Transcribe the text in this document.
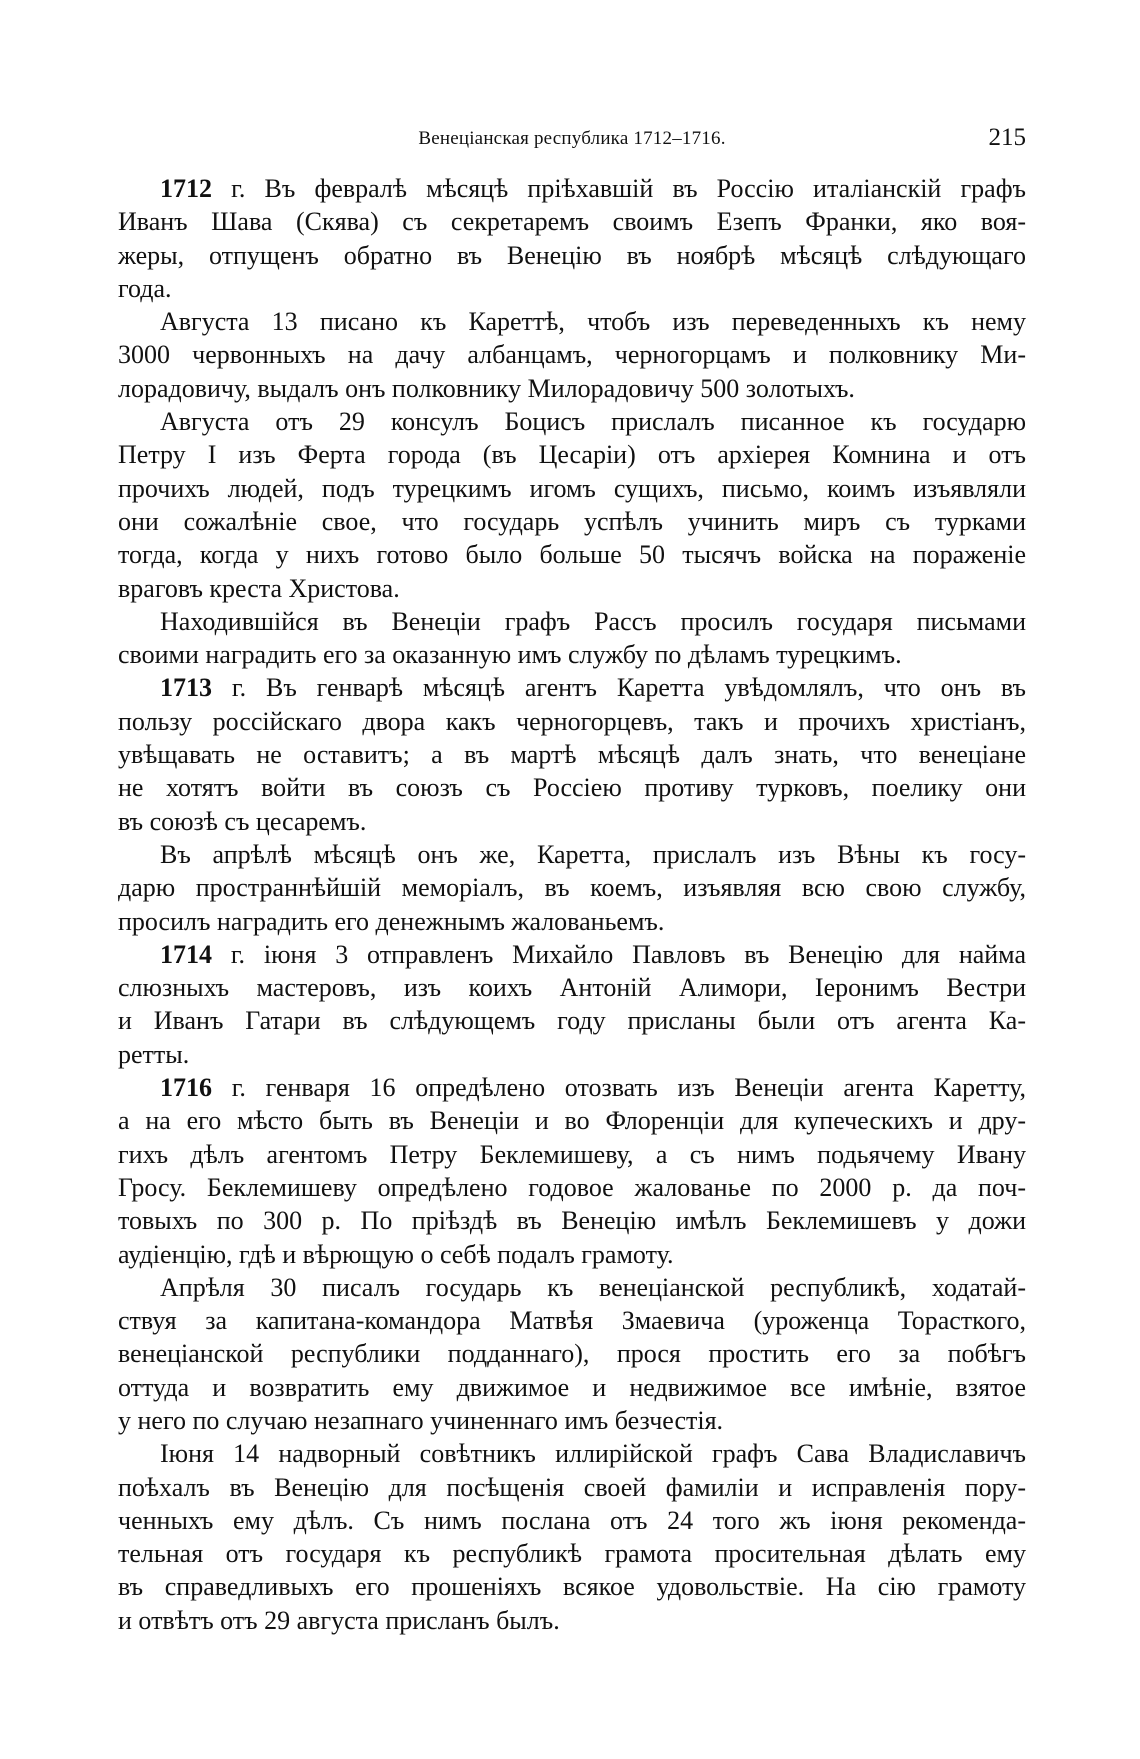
Венеціанская республика 1712–1716.	215
1712 г. Въ февралѣ мѣсяцѣ пріѣхавшій въ Россію италіанскій графъ
Иванъ Шава (Скява) съ секретаремъ своимъ Езепъ Франки, яко воя-
жеры, отпущенъ обратно въ Венецію въ ноябрѣ мѣсяцѣ слѣдующаго
года.
Августа 13 писано къ Кареттѣ, чтобъ изъ переведенныхъ къ нему
3000 червонныхъ на дачу албанцамъ, черногорцамъ и полковнику Ми-
лорадовичу, выдалъ онъ полковнику Милорадовичу 500 золотыхъ.
Августа отъ 29 консулъ Боцисъ прислалъ писанное къ государю
Петру I изъ Ферта города (въ Цесаріи) отъ архіерея Комнина и отъ
прочихъ людей, подъ турецкимъ игомъ сущихъ, письмо, коимъ изъявляли
они сожалѣніе свое, что государь успѣлъ учинить миръ съ турками
тогда, когда у нихъ готово было больше 50 тысячъ войска на пораженіе
враговъ креста Христова.
Находившійся въ Венеціи графъ Рассъ просилъ государя письмами
своими наградить его за оказанную имъ службу по дѣламъ турецкимъ.
1713 г. Въ генварѣ мѣсяцѣ агентъ Каретта увѣдомлялъ, что онъ въ
пользу россійскаго двора какъ черногорцевъ, такъ и прочихъ христіанъ,
увѣщавать не оставитъ; а въ мартѣ мѣсяцѣ далъ знать, что венеціане
не хотятъ войти въ союзъ съ Россіею противу турковъ, поелику они
въ союзѣ съ цесаремъ.
Въ апрѣлѣ мѣсяцѣ онъ же, Каретта, прислалъ изъ Вѣны къ госу-
дарю пространнѣйшій меморіалъ, въ коемъ, изъявляя всю свою службу,
просилъ наградить его денежнымъ жалованьемъ.
1714 г. іюня 3 отправленъ Михайло Павловъ въ Венецію для найма
слюзныхъ мастеровъ, изъ коихъ Антоній Алимори, Іеронимъ Вестри
и Иванъ Гатари въ слѣдующемъ году присланы были отъ агента Ка-
ретты.
1716 г. генваря 16 опредѣлено отозвать изъ Венеціи агента Каретту,
а на его мѣсто быть въ Венеціи и во Флоренціи для купеческихъ и дру-
гихъ дѣлъ агентомъ Петру Беклемишеву, а съ нимъ подьячему Ивану
Гросу. Беклемишеву опредѣлено годовое жалованье по 2000 р. да поч-
товыхъ по 300 р. По пріѣздѣ въ Венецію имѣлъ Беклемишевъ у дожи
аудіенцію, гдѣ и вѣрющую о себѣ подалъ грамоту.
Апрѣля 30 писалъ государь къ венеціанской республикѣ, ходатай-
ствуя за капитана-командора Матвѣя Змаевича (уроженца Торасткого,
венеціанской республики подданнаго), прося простить его за побѣгъ
оттуда и возвратить ему движимое и недвижимое все имѣніе, взятое
у него по случаю незапнаго учиненнаго имъ безчестія.
Іюня 14 надворный совѣтникъ иллирійской графъ Сава Владиславичъ
поѣхалъ въ Венецію для посѣщенія своей фамиліи и исправленія пору-
ченныхъ ему дѣлъ. Съ нимъ послана отъ 24 того жъ іюня рекоменда-
тельная отъ государя къ республикѣ грамота просительная дѣлать ему
въ справедливыхъ его прошеніяхъ всякое удовольствіе. На сію грамоту
и отвѣтъ отъ 29 августа присланъ былъ.
